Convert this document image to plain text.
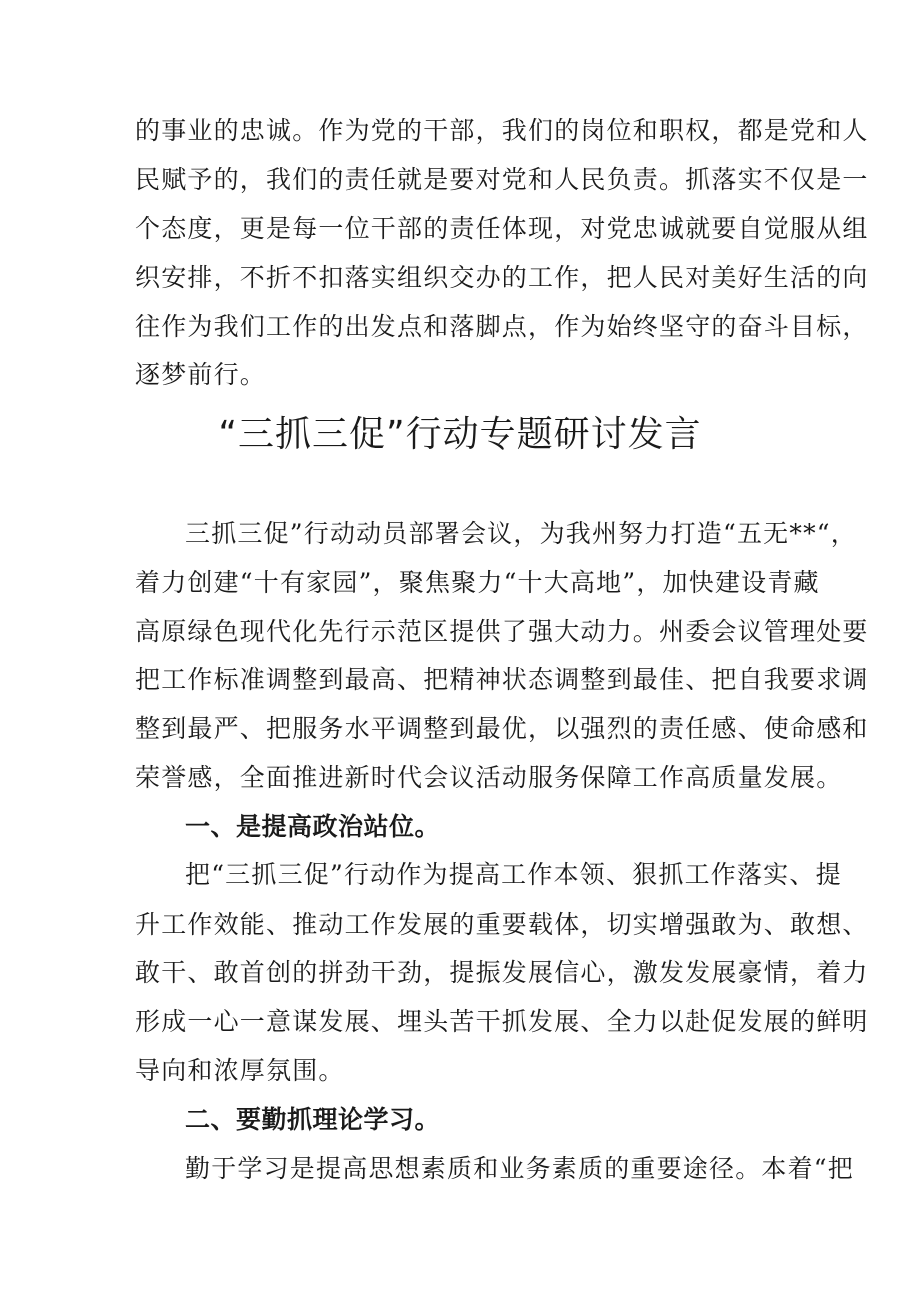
的事业的忠诚。作为党的干部，我们的岗位和职权，都是党和人
民赋予的，我们的责任就是要对党和人民负责。抓落实不仅是一
个态度，更是每一位干部的责任体现，对党忠诚就要自觉服从组
织安排，不折不扣落实组织交办的工作，把人民对美好生活的向
往作为我们工作的出发点和落脚点，作为始终坚守的奋斗目标，
逐梦前行。
“三抓三促”行动专题研讨发言
三抓三促”行动动员部署会议，为我州努力打造“五无**“，
着力创建“十有家园”，聚焦聚力“十大高地”，加快建设青藏
高原绿色现代化先行示范区提供了强大动力。州委会议管理处要
把工作标准调整到最高、把精神状态调整到最佳、把自我要求调
整到最严、把服务水平调整到最优，以强烈的责任感、使命感和
荣誉感，全面推进新时代会议活动服务保障工作高质量发展。
一、是提高政治站位。
把“三抓三促”行动作为提高工作本领、狠抓工作落实、提
升工作效能、推动工作发展的重要载体，切实增强敢为、敢想、
敢干、敢首创的拼劲干劲，提振发展信心，激发发展豪情，着力
形成一心一意谋发展、埋头苦干抓发展、全力以赴促发展的鲜明
导向和浓厚氛围。
二、要勤抓理论学习。
勤于学习是提高思想素质和业务素质的重要途径。本着“把
